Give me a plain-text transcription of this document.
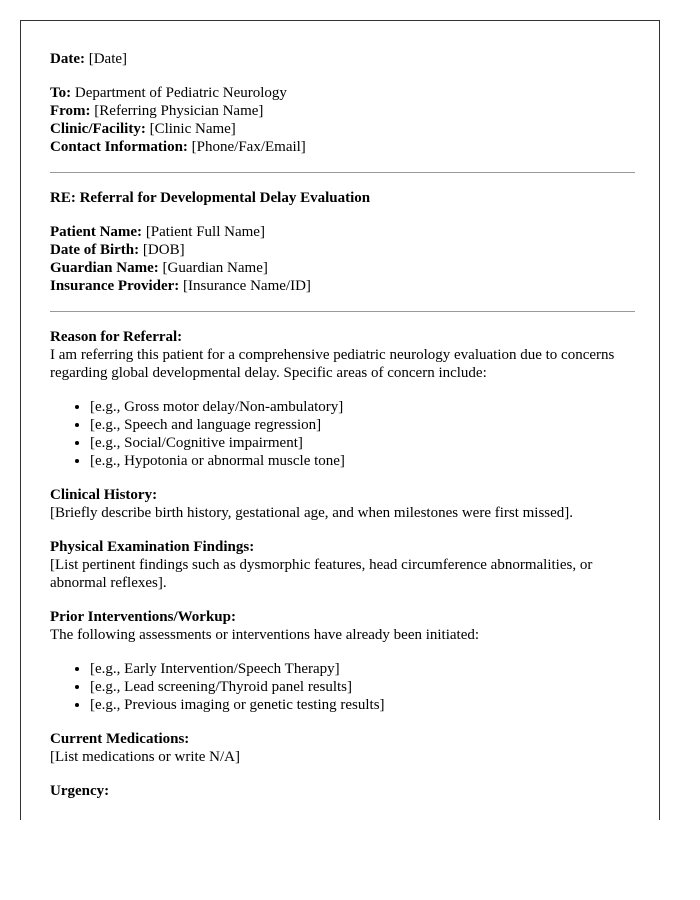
Date: [Date]
To: Department of Pediatric Neurology
From: [Referring Physician Name]
Clinic/Facility: [Clinic Name]
Contact Information: [Phone/Fax/Email]
RE: Referral for Developmental Delay Evaluation
Patient Name: [Patient Full Name]
Date of Birth: [DOB]
Guardian Name: [Guardian Name]
Insurance Provider: [Insurance Name/ID]
Reason for Referral:
I am referring this patient for a comprehensive pediatric neurology evaluation due to concerns regarding global developmental delay. Specific areas of concern include:
• [e.g., Gross motor delay/Non-ambulatory]
• [e.g., Speech and language regression]
• [e.g., Social/Cognitive impairment]
• [e.g., Hypotonia or abnormal muscle tone]
Clinical History:
[Briefly describe birth history, gestational age, and when milestones were first missed].
Physical Examination Findings:
[List pertinent findings such as dysmorphic features, head circumference abnormalities, or abnormal reflexes].
Prior Interventions/Workup:
The following assessments or interventions have already been initiated:
• [e.g., Early Intervention/Speech Therapy]
• [e.g., Lead screening/Thyroid panel results]
• [e.g., Previous imaging or genetic testing results]
Current Medications:
[List medications or write N/A]
Urgency:
